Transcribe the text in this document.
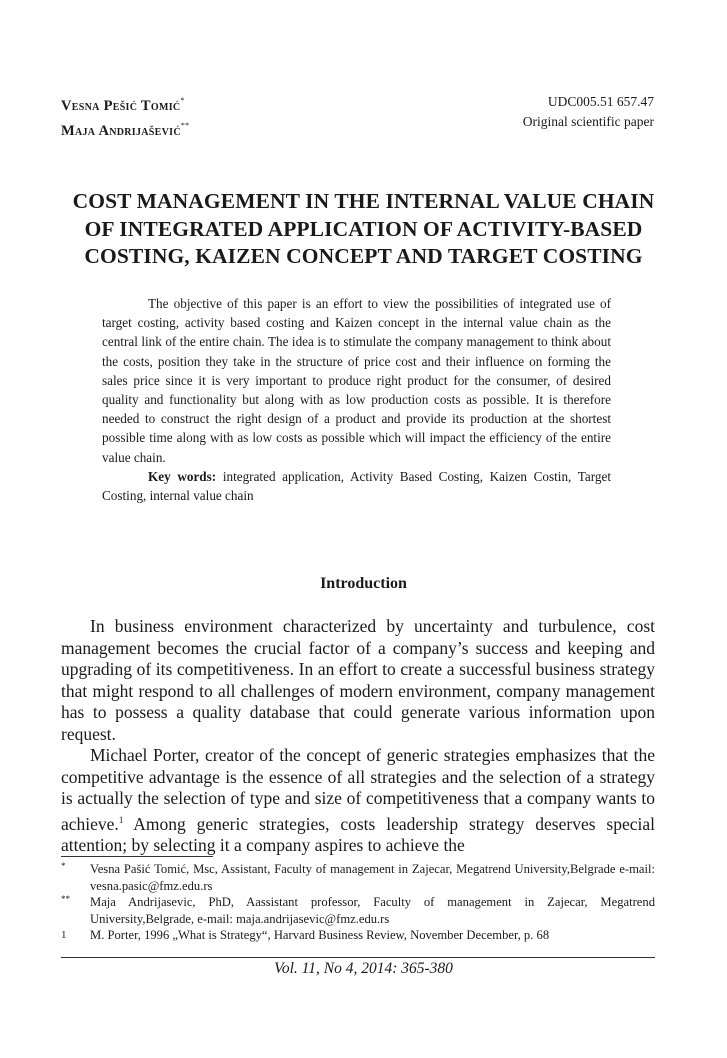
Vesna Pešić Tomić*
Maja Andrijašević**
UDC005.51 657.47
Original scientific paper
COST MANAGEMENT IN THE INTERNAL VALUE CHAIN
OF INTEGRATED APPLICATION OF ACTIVITY-BASED
COSTING, KAIZEN CONCEPT AND TARGET COSTING

The objective of this paper is an effort to view the possibilities of integrated use of target costing, activity based costing and Kaizen concept in the internal value chain as the central link of the entire chain. The idea is to stimulate the company management to think about the costs, position they take in the structure of price cost and their influence on forming the sales price since it is very important to produce right product for the consumer, of desired quality and functionality but along with as low production costs as possible. It is therefore needed to construct the right design of a product and provide its production at the shortest possible time along with as low costs as possible which will impact the efficiency of the entire value chain.

Key words: integrated application, Activity Based Costing, Kaizen Costin, Target Costing, internal value chain

Introduction

In business environment characterized by uncertainty and turbulence, cost management becomes the crucial factor of a company’s success and keeping and upgrading of its competitiveness. In an effort to create a successful business strategy that might respond to all challenges of modern environment, company management has to possess a quality database that could generate various information upon request.

Michael Porter, creator of the concept of generic strategies emphasizes that the competitive advantage is the essence of all strategies and the selection of a strategy is actually the selection of type and size of competitiveness that a company wants to achieve.$^1$ Among generic strategies, costs leadership strategy deserves special attention; by selecting it a company aspires to achieve the

* Vesna Pašić Tomić, Msc, Assistant, Faculty of management in Zajecar, Megatrend University,Belgrade e-mail: vesna.pasic@fmz.edu.rs
** Maja Andrijasevic, PhD, Aassistant professor, Faculty of management in Zajecar, Megatrend University,Belgrade, e-mail: maja.andrijasevic@fmz.edu.rs
1 M. Porter, 1996 „What is Strategy“, Harvard Business Review, November December, p. 68
Vol. 11, No 4, 2014: 365-380
